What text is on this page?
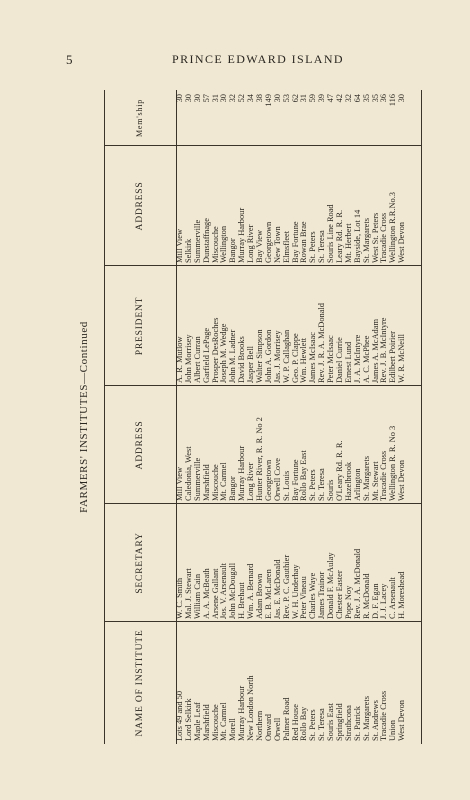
5	PRINCE EDWARD ISLAND
FARMERS' INSTITUTES—Continued
NAME OF INSTITUTE
SECRETARY
ADDRESS
PRESIDENT
ADDRESS
Mem'ship
Lots 49 and 50 Lord Selkirk Maple Leaf Marshfield Miscouche Mt. Carmel Morell Murray Harbour New London North Northern Onward Orwell Palmer Road Red House Rollo Bay St. Peters St. Teresa Souris East Springfield Strathcona St. Patrick St. Margarets St. Andrews Tracadie Cross Union West Devon
W. C. Smith Mal. J. Stewart William Cain A. A. McBeath Arsene Gallant Jos. V. Arsenault John McDougall H. Brehaut Wm. A. Bernard Adam Brown E. B. McLaren Jas. E. McDonald Rev. P. C. Gauthier W. H. Underhay Peter Vineau Charles Waye James Trainor Donald F. McAulay Chester Easter Pope Noy Rev. J. A. McDonald R. McDonald D. F. Egan J. J. Lacey C. Arsenault H. Moreshead
Mill View Caledonia, West Summerville Marshfield Miscouche Mt. Carmel Bangor Murray Harbour Long River Hunter River, R. R. No 2 Georgetown Orwell Cove St. Louis Bay Fortune Rollo Bay East St. Peters St. Teresa Souris O'Leary Rd. R. R. Hazelbrook Arlington St. Margarets Mt. Stewart Tracadie Cross Wellington R. R. No 3 West Devon
A. R. Mutlow John Morrisey Albert Curran Garfield LePage Prosper DesRoches Joseph M. Wedge John M. Ladner David Brooks Jasper Bell Walter Simpson John A. Gordon Jas. J. Morrisey W. P. Callaghan Geo. P. Clappe Wm. Hewlett James McIsaac Rev. J. R. A. McDonald Peter McIsaac Daniel Currie Ernest Lund J. A. McIntyre A. C. McPhee James A. McAdam Rev. J. B. McIntyre Edilbert Poirier W. R. McNeill
Mill View Selkirk Summerville Dunstaffnage Miscouche Wellington Bangor Murray Harbour Long River Bay View Georgetown New Town Elmsfleet Bay Fortune Rowan Brae St. Peters St. Teresa Souris Line Road Leary Rd. R. R. Mt. Herbert Bayside, Lot 14 St. Margarets West St. Peters Tracadie Cross Wellington R.R.No.3 West Devon
30 30 30 57 31 30 32 52 34 38 149 30 53 62 31 59 39 47 42 32 64 35 35 36 116 30
